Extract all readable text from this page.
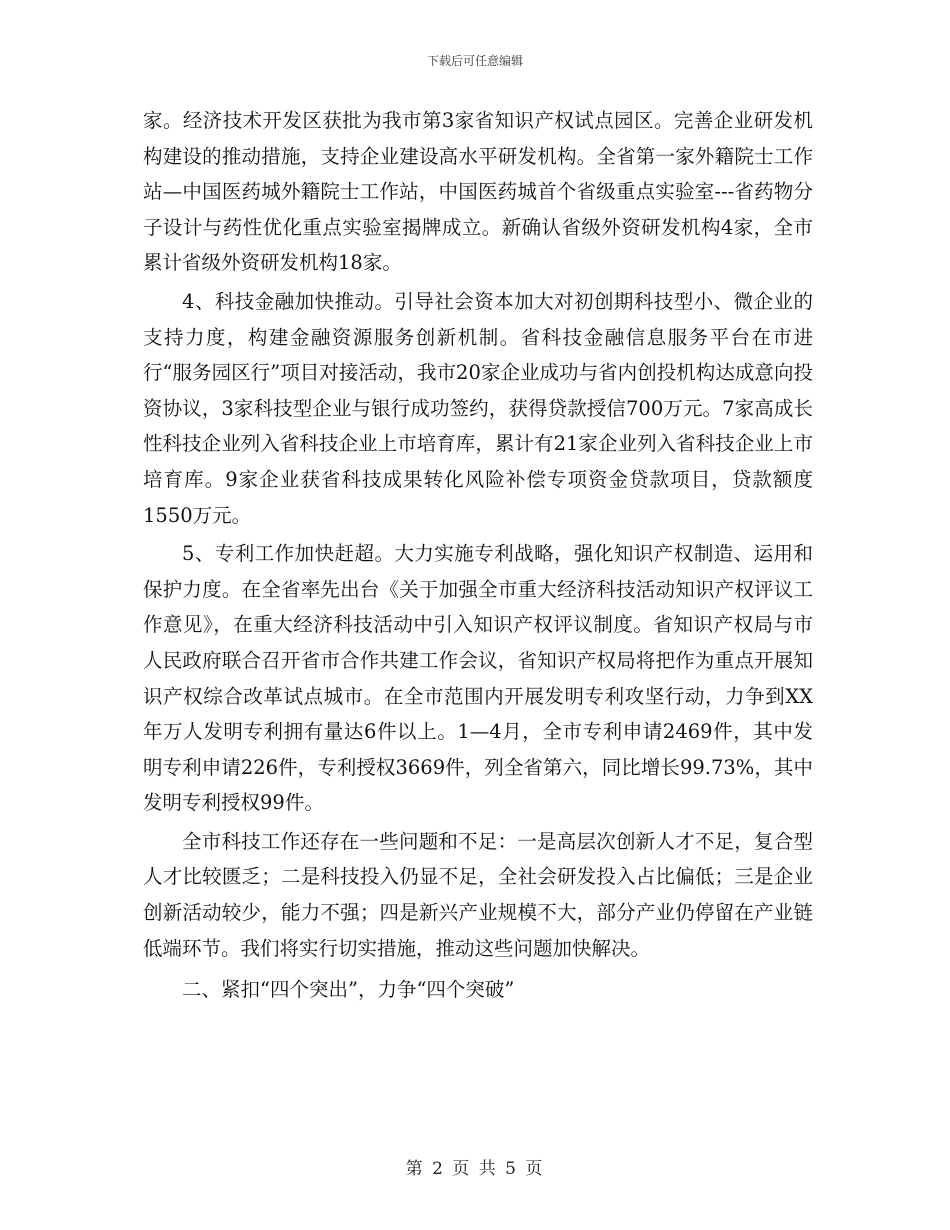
下载后可任意编辑

家。经济技术开发区获批为我市第3家省知识产权试点园区。完善企业研发机构建设的推动措施，支持企业建设高水平研发机构。全省第一家外籍院士工作站—中国医药城外籍院士工作站，中国医药城首个省级重点实验室---省药物分子设计与药性优化重点实验室揭牌成立。新确认省级外资研发机构4家，全市累计省级外资研发机构18家。

4、科技金融加快推动。引导社会资本加大对初创期科技型小、微企业的支持力度，构建金融资源服务创新机制。省科技金融信息服务平台在市进行“服务园区行”项目对接活动，我市20家企业成功与省内创投机构达成意向投资协议，3家科技型企业与银行成功签约，获得贷款授信700万元。7家高成长性科技企业列入省科技企业上市培育库，累计有21家企业列入省科技企业上市培育库。9家企业获省科技成果转化风险补偿专项资金贷款项目，贷款额度1550万元。

5、专利工作加快赶超。大力实施专利战略，强化知识产权制造、运用和保护力度。在全省率先出台《关于加强全市重大经济科技活动知识产权评议工作意见》，在重大经济科技活动中引入知识产权评议制度。省知识产权局与市人民政府联合召开省市合作共建工作会议，省知识产权局将把作为重点开展知识产权综合改革试点城市。在全市范围内开展发明专利攻坚行动，力争到XX年万人发明专利拥有量达6件以上。1—4月，全市专利申请2469件，其中发明专利申请226件，专利授权3669件，列全省第六，同比增长99.73%，其中发明专利授权99件。

全市科技工作还存在一些问题和不足：一是高层次创新人才不足，复合型人才比较匮乏；二是科技投入仍显不足，全社会研发投入占比偏低；三是企业创新活动较少，能力不强；四是新兴产业规模不大，部分产业仍停留在产业链低端环节。我们将实行切实措施，推动这些问题加快解决。

二、紧扣“四个突出”，力争“四个突破”

第 2 页 共 5 页
